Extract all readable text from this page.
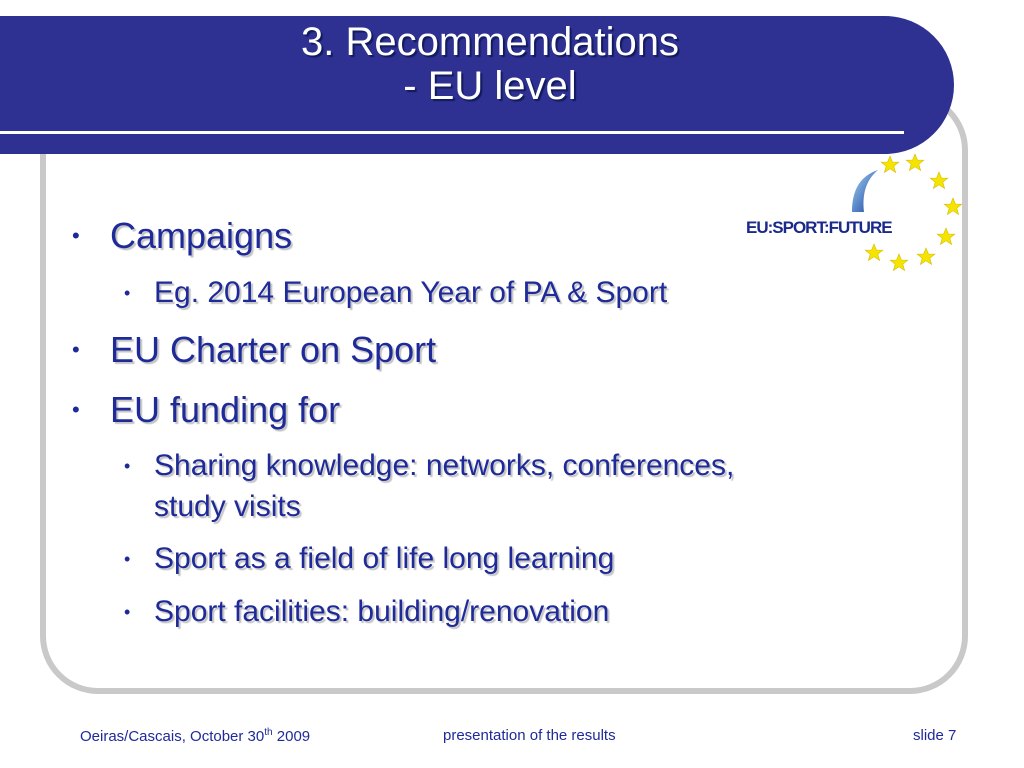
3. Recommendations
- EU level
EU:SPORT:FUTURE
• Campaigns
• Eg. 2014 European Year of PA & Sport
• EU Charter on Sport
• EU funding for
• Sharing knowledge: networks, conferences,
study visits
• Sport as a field of life long learning
• Sport facilities: building/renovation
Oeiras/Cascais, October 30th 2009	presentation of the results	slide 7
